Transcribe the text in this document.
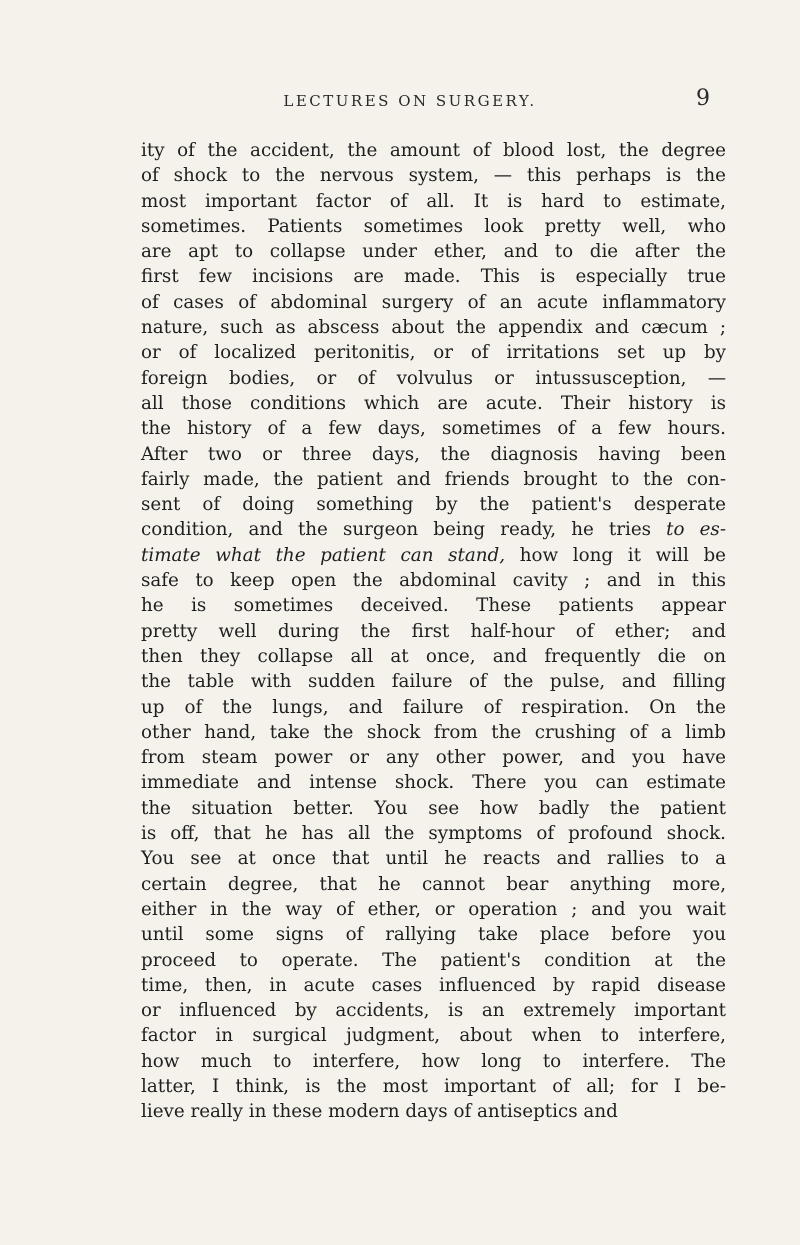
LECTURES ON SURGERY.	9
ity of the accident, the amount of blood lost, the degree
of shock to the nervous system, — this perhaps is the
most important factor of all. It is hard to estimate,
sometimes. Patients sometimes look pretty well, who
are apt to collapse under ether, and to die after the
first few incisions are made. This is especially true
of cases of abdominal surgery of an acute inflammatory
nature, such as abscess about the appendix and cæcum ;
or of localized peritonitis, or of irritations set up by
foreign bodies, or of volvulus or intussusception, —
all those conditions which are acute. Their history is
the history of a few days, sometimes of a few hours.
After two or three days, the diagnosis having been
fairly made, the patient and friends brought to the con-
sent of doing something by the patient's desperate
condition, and the surgeon being ready, he tries to es-
timate what the patient can stand, how long it will be
safe to keep open the abdominal cavity ; and in this
he is sometimes deceived. These patients appear
pretty well during the first half-hour of ether; and
then they collapse all at once, and frequently die on
the table with sudden failure of the pulse, and filling
up of the lungs, and failure of respiration. On the
other hand, take the shock from the crushing of a limb
from steam power or any other power, and you have
immediate and intense shock. There you can estimate
the situation better. You see how badly the patient
is off, that he has all the symptoms of profound shock.
You see at once that until he reacts and rallies to a
certain degree, that he cannot bear anything more,
either in the way of ether, or operation ; and you wait
until some signs of rallying take place before you
proceed to operate. The patient's condition at the
time, then, in acute cases influenced by rapid disease
or influenced by accidents, is an extremely important
factor in surgical judgment, about when to interfere,
how much to interfere, how long to interfere. The
latter, I think, is the most important of all; for I be-
lieve really in these modern days of antiseptics and
